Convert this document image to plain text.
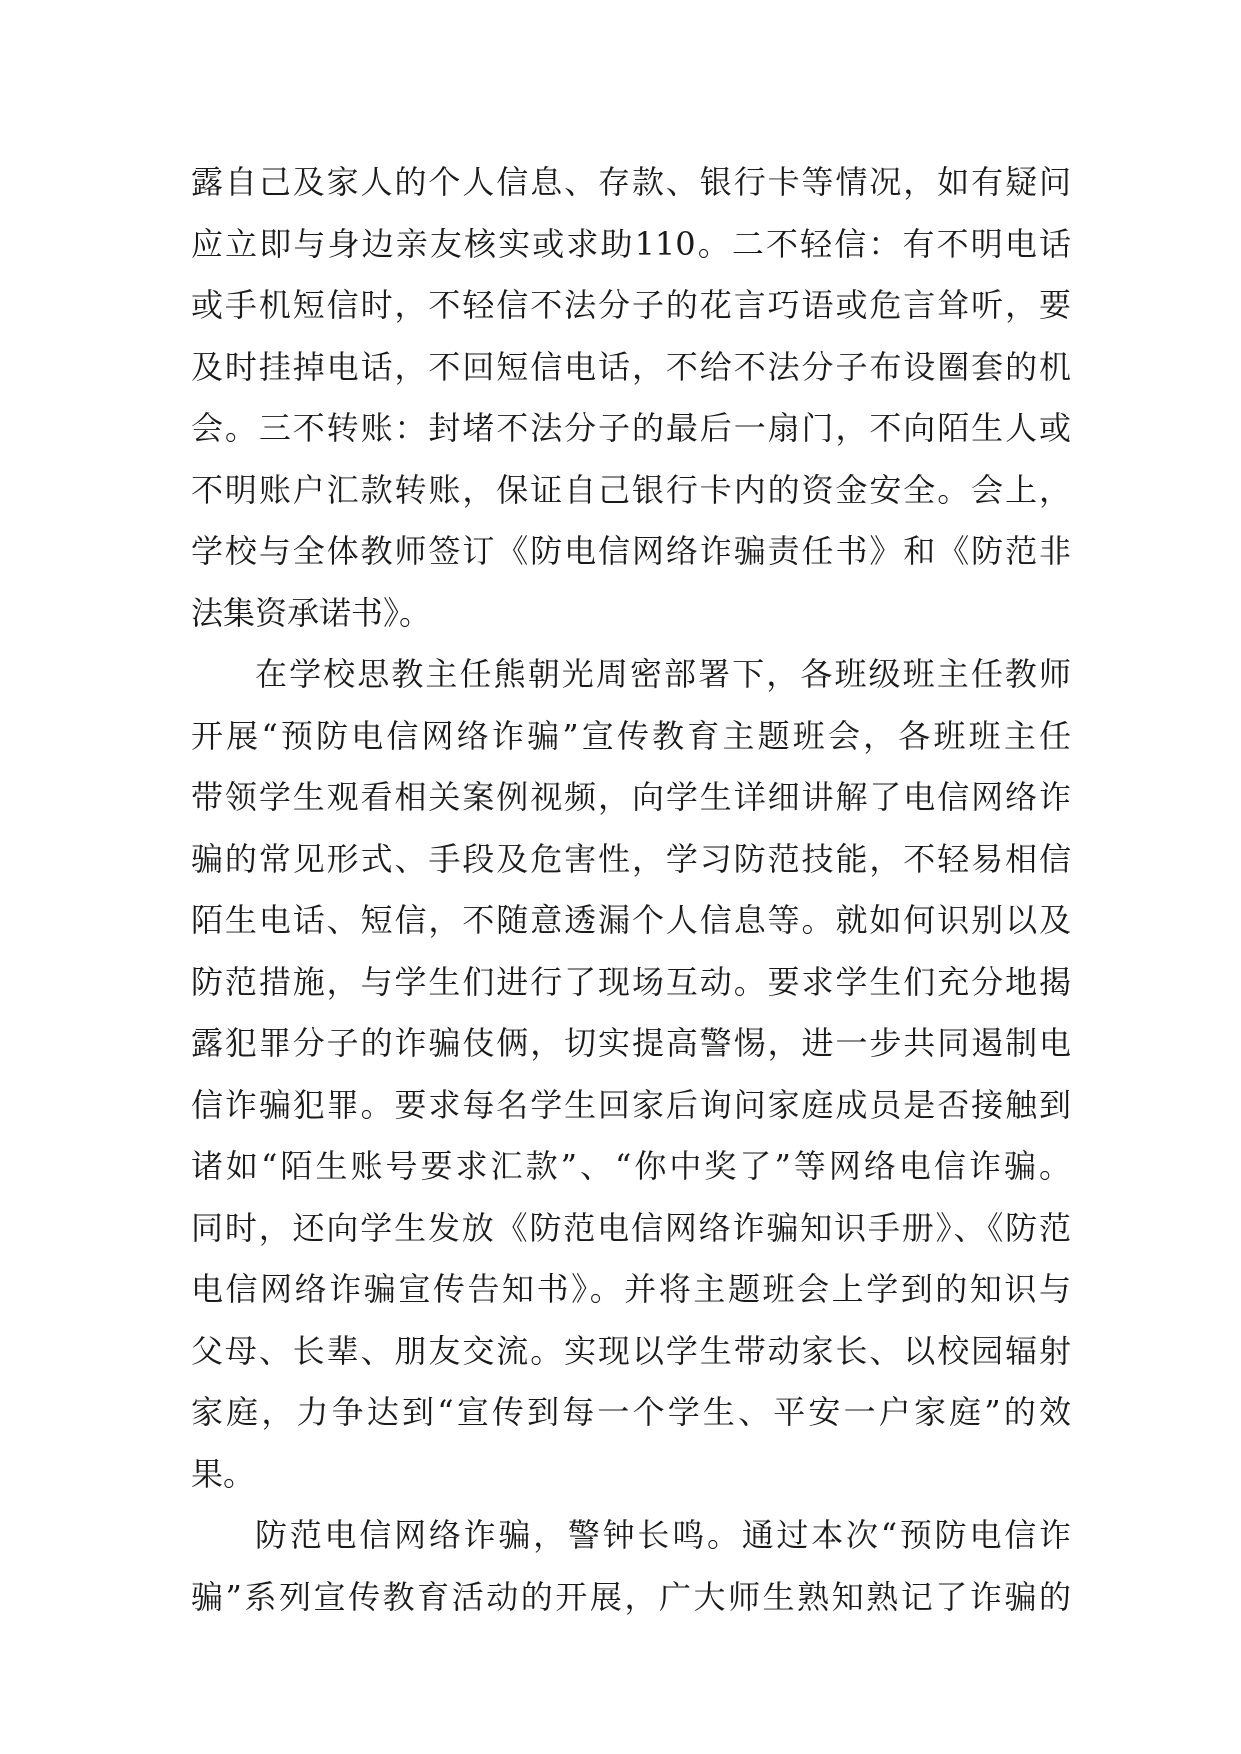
露自己及家人的个人信息、存款、银行卡等情况，如有疑问
应立即与身边亲友核实或求助110。二不轻信：有不明电话
或手机短信时，不轻信不法分子的花言巧语或危言耸听，要
及时挂掉电话，不回短信电话，不给不法分子布设圈套的机
会。三不转账：封堵不法分子的最后一扇门，不向陌生人或
不明账户汇款转账，保证自己银行卡内的资金安全。会上，
学校与全体教师签订《防电信网络诈骗责任书》和《防范非
法集资承诺书》。
在学校思教主任熊朝光周密部署下，各班级班主任教师
开展“预防电信网络诈骗”宣传教育主题班会，各班班主任
带领学生观看相关案例视频，向学生详细讲解了电信网络诈
骗的常见形式、手段及危害性，学习防范技能，不轻易相信
陌生电话、短信，不随意透漏个人信息等。就如何识别以及
防范措施，与学生们进行了现场互动。要求学生们充分地揭
露犯罪分子的诈骗伎俩，切实提高警惕，进一步共同遏制电
信诈骗犯罪。要求每名学生回家后询问家庭成员是否接触到
诸如“陌生账号要求汇款”、“你中奖了”等网络电信诈骗。
同时，还向学生发放《防范电信网络诈骗知识手册》、《防范
电信网络诈骗宣传告知书》。并将主题班会上学到的知识与
父母、长辈、朋友交流。实现以学生带动家长、以校园辐射
家庭，力争达到“宣传到每一个学生、平安一户家庭”的效
果。
防范电信网络诈骗，警钟长鸣。通过本次“预防电信诈
骗”系列宣传教育活动的开展，广大师生熟知熟记了诈骗的
